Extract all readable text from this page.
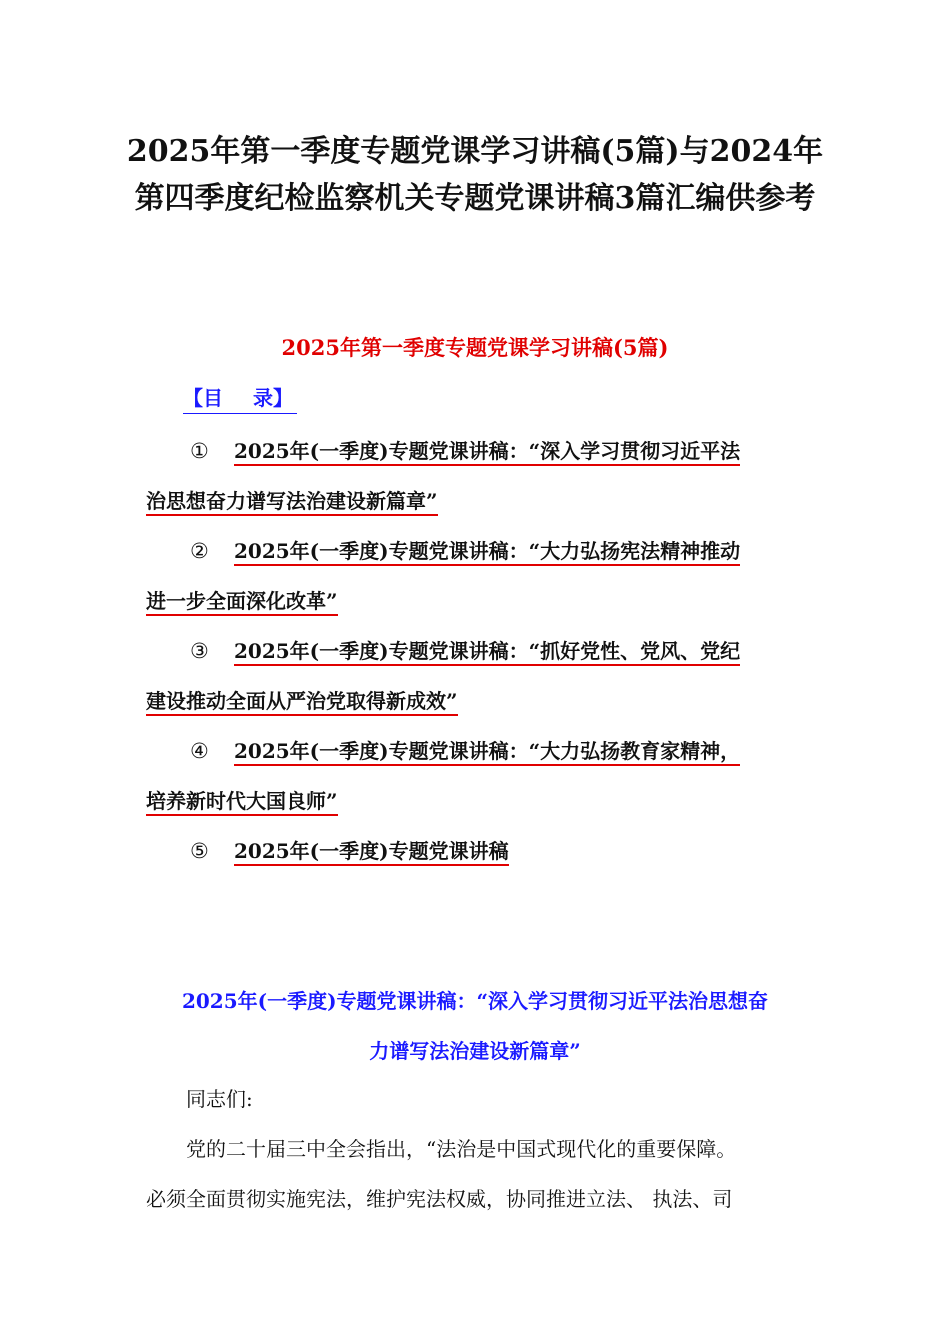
2025年第一季度专题党课学习讲稿(5篇)与2024年
第四季度纪检监察机关专题党课讲稿3篇汇编供参考
2025年第一季度专题党课学习讲稿(5篇)
【目 录】
① 2025年(一季度)专题党课讲稿：“深入学习贯彻习近平法
治思想奋力谱写法治建设新篇章”
② 2025年(一季度)专题党课讲稿：“大力弘扬宪法精神推动
进一步全面深化改革”
③ 2025年(一季度)专题党课讲稿：“抓好党性、党风、党纪
建设推动全面从严治党取得新成效”
④ 2025年(一季度)专题党课讲稿：“大力弘扬教育家精神，
培养新时代大国良师”
⑤ 2025年(一季度)专题党课讲稿
2025年(一季度)专题党课讲稿：“深入学习贯彻习近平法治思想奋
力谱写法治建设新篇章”
同志们:
党的二十届三中全会指出，“法治是中国式现代化的重要保障。
必须全面贯彻实施宪法，维护宪法权威，协同推进立法、 执法、司
